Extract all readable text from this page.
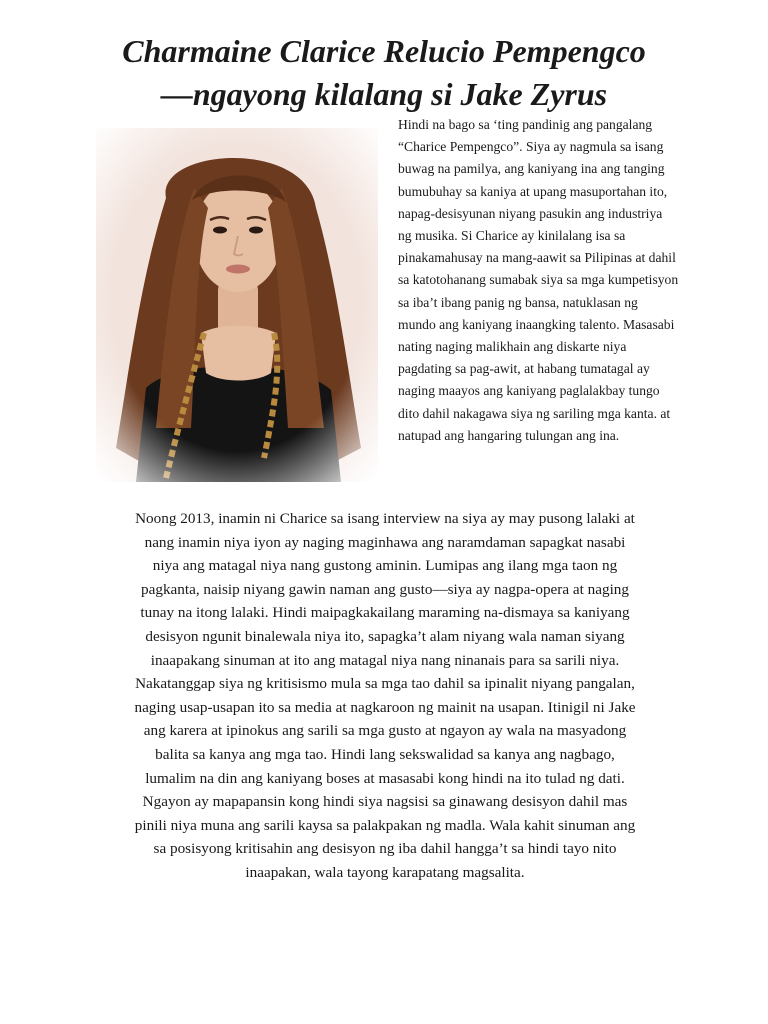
Charmaine Clarice Relucio Pempengco
—ngayong kilalang si Jake Zyrus
Hindi na bago sa ‘ting pandinig ang pangalang
“Charice Pempengco”. Siya ay nagmula sa isang
buwag na pamilya, ang kaniyang ina ang tanging
bumubuhay sa kaniya at upang masuportahan ito,
napag-desisyunan niyang pasukin ang industriya
ng musika. Si Charice ay kinilalang isa sa
pinakamahusay na mang-aawit sa Pilipinas at dahil
sa katotohanang sumabak siya sa mga kumpetisyon
sa iba’t ibang panig ng bansa, natuklasan ng
mundo ang kaniyang inaangking talento. Masasabi
nating naging malikhain ang diskarte niya
pagdating sa pag-awit, at habang tumatagal ay
naging maayos ang kaniyang paglalakbay tungo
dito dahil nakagawa siya ng sariling mga kanta. at
natupad ang hangaring tulungan ang ina.
Noong 2013, inamin ni Charice sa isang interview na siya ay may pusong lalaki at
nang inamin niya iyon ay naging maginhawa ang naramdaman sapagkat nasabi
niya ang matagal niya nang gustong aminin. Lumipas ang ilang mga taon ng
pagkanta, naisip niyang gawin naman ang gusto—siya ay nagpa-opera at naging
tunay na itong lalaki. Hindi maipagkakailang maraming na-dismaya sa kaniyang
desisyon ngunit binalewala niya ito, sapagka’t alam niyang wala naman siyang
inaapakang sinuman at ito ang matagal niya nang ninanais para sa sarili niya.
Nakatanggap siya ng kritisismo mula sa mga tao dahil sa ipinalit niyang pangalan,
naging usap-usapan ito sa media at nagkaroon ng mainit na usapan. Itinigil ni Jake
ang karera at ipinokus ang sarili sa mga gusto at ngayon ay wala na masyadong
balita sa kanya ang mga tao. Hindi lang sekswalidad sa kanya ang nagbago,
lumalim na din ang kaniyang boses at masasabi kong hindi na ito tulad ng dati.
Ngayon ay mapapansin kong hindi siya nagsisi sa ginawang desisyon dahil mas
pinili niya muna ang sarili kaysa sa palakpakan ng madla. Wala kahit sinuman ang
sa posisyong kritisahin ang desisyon ng iba dahil hangga’t sa hindi tayo nito
inaapakan, wala tayong karapatang magsalita.
